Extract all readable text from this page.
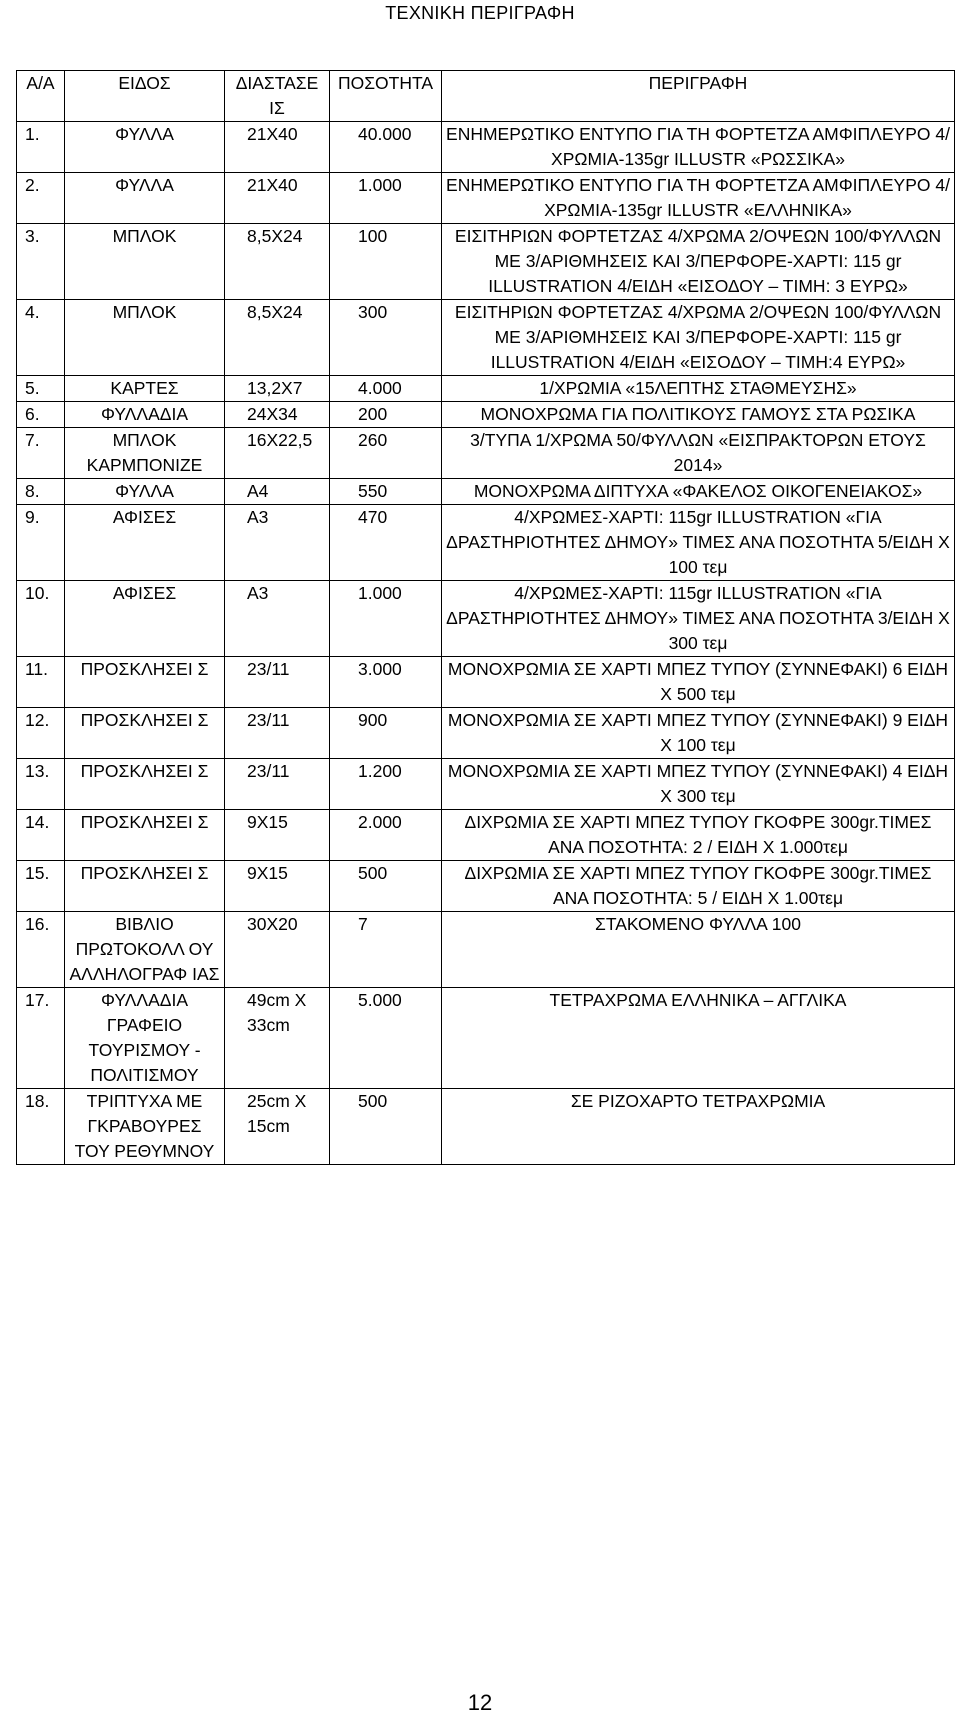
ΤΕΧΝΙΚΗ ΠΕΡΙΓΡΑΦΗ
Α/Α	ΕΙΔΟΣ	ΔΙΑΣΤΑΣΕ ΙΣ	ΠΟΣΟΤΗΤΑ	ΠΕΡΙΓΡΑΦΗ
1.	ΦΥΛΛΑ	21Χ40	40.000	ΕΝΗΜΕΡΩΤΙΚΟ ΕΝΤΥΠΟ ΓΙΑ ΤΗ ΦΟΡΤΕΤΖΑ ΑΜΦΙΠΛΕΥΡΟ 4/ΧΡΩΜΙΑ-135gr ILLUSTR «ΡΩΣΣΙΚΑ»
2.	ΦΥΛΛΑ	21Χ40	1.000	ΕΝΗΜΕΡΩΤΙΚΟ ΕΝΤΥΠΟ ΓΙΑ ΤΗ ΦΟΡΤΕΤΖΑ ΑΜΦΙΠΛΕΥΡΟ 4/ΧΡΩΜΙΑ-135gr ILLUSTR «ΕΛΛΗΝΙΚΑ»
3.	ΜΠΛΟΚ	8,5Χ24	100	ΕΙΣΙΤΗΡΙΩΝ ΦΟΡΤΕΤΖΑΣ 4/ΧΡΩΜΑ 2/ΟΨΕΩΝ 100/ΦΥΛΛΩΝ ΜΕ 3/ΑΡΙΘΜΗΣΕΙΣ ΚΑΙ 3/ΠΕΡΦΟΡΕ-ΧΑΡΤΙ: 115 gr ILLUSTRATION 4/ΕΙΔΗ «ΕΙΣΟΔΟΥ – ΤΙΜΗ: 3 ΕΥΡΩ»
4.	ΜΠΛΟΚ	8,5Χ24	300	ΕΙΣΙΤΗΡΙΩΝ ΦΟΡΤΕΤΖΑΣ 4/ΧΡΩΜΑ 2/ΟΨΕΩΝ 100/ΦΥΛΛΩΝ ΜΕ 3/ΑΡΙΘΜΗΣΕΙΣ ΚΑΙ 3/ΠΕΡΦΟΡΕ-ΧΑΡΤΙ: 115 gr ILLUSTRATION 4/ΕΙΔΗ «ΕΙΣΟΔΟΥ – ΤΙΜΗ:4 ΕΥΡΩ»
5.	ΚΑΡΤΕΣ	13,2Χ7	4.000	1/ΧΡΩΜΙΑ «15ΛΕΠΤΗΣ ΣΤΑΘΜΕΥΣΗΣ»
6.	ΦΥΛΛΑΔΙΑ	24Χ34	200	ΜΟΝΟΧΡΩΜΑ ΓΙΑ ΠΟΛΙΤΙΚΟΥΣ ΓΑΜΟΥΣ ΣΤΑ ΡΩΣΙΚΑ
7.	ΜΠΛΟΚ ΚΑΡΜΠΟΝΙΖΕ	16Χ22,5	260	3/ΤΥΠΑ 1/ΧΡΩΜΑ 50/ΦΥΛΛΩΝ «ΕΙΣΠΡΑΚΤΟΡΩΝ ΕΤΟΥΣ 2014»
8.	ΦΥΛΛΑ	Α4	550	ΜΟΝΟΧΡΩΜΑ ΔΙΠΤΥΧΑ «ΦΑΚΕΛΟΣ ΟΙΚΟΓΕΝΕΙΑΚΟΣ»
9.	ΑΦΙΣΕΣ	Α3	470	4/ΧΡΩΜΕΣ-ΧΑΡΤΙ: 115gr ILLUSTRATION «ΓΙΑ ΔΡΑΣΤΗΡΙΟΤΗΤΕΣ ΔΗΜΟΥ» ΤΙΜΕΣ ΑΝΑ ΠΟΣΟΤΗΤΑ 5/ΕΙΔΗ Χ 100 τεμ
10.	ΑΦΙΣΕΣ	Α3	1.000	4/ΧΡΩΜΕΣ-ΧΑΡΤΙ: 115gr ILLUSTRATION «ΓΙΑ ΔΡΑΣΤΗΡΙΟΤΗΤΕΣ ΔΗΜΟΥ» ΤΙΜΕΣ ΑΝΑ ΠΟΣΟΤΗΤΑ 3/ΕΙΔΗ Χ 300 τεμ
11.	ΠΡΟΣΚΛΗΣΕΙ Σ	23/11	3.000	ΜΟΝΟΧΡΩΜΙΑ ΣΕ ΧΑΡΤΙ ΜΠΕΖ ΤΥΠΟΥ (ΣΥΝΝΕΦΑΚΙ) 6 ΕΙΔΗ Χ 500 τεμ
12.	ΠΡΟΣΚΛΗΣΕΙ Σ	23/11	900	ΜΟΝΟΧΡΩΜΙΑ ΣΕ ΧΑΡΤΙ ΜΠΕΖ ΤΥΠΟΥ (ΣΥΝΝΕΦΑΚΙ) 9 ΕΙΔΗ Χ 100 τεμ
13.	ΠΡΟΣΚΛΗΣΕΙ Σ	23/11	1.200	ΜΟΝΟΧΡΩΜΙΑ ΣΕ ΧΑΡΤΙ ΜΠΕΖ ΤΥΠΟΥ (ΣΥΝΝΕΦΑΚΙ) 4 ΕΙΔΗ Χ 300 τεμ
14.	ΠΡΟΣΚΛΗΣΕΙ Σ	9Χ15	2.000	ΔΙΧΡΩΜΙΑ ΣΕ ΧΑΡΤΙ ΜΠΕΖ ΤΥΠΟΥ ΓΚΟΦΡΕ 300gr.ΤΙΜΕΣ ΑΝΑ ΠΟΣΟΤΗΤΑ: 2 / ΕΙΔΗ Χ 1.000τεμ
15.	ΠΡΟΣΚΛΗΣΕΙ Σ	9Χ15	500	ΔΙΧΡΩΜΙΑ ΣΕ ΧΑΡΤΙ ΜΠΕΖ ΤΥΠΟΥ ΓΚΟΦΡΕ 300gr.ΤΙΜΕΣ ΑΝΑ ΠΟΣΟΤΗΤΑ: 5 / ΕΙΔΗ Χ 1.00τεμ
16.	ΒΙΒΛΙΟ ΠΡΩΤΟΚΟΛΛ ΟΥ ΑΛΛΗΛΟΓΡΑΦ ΙΑΣ	30Χ20	7	ΣΤΑΚΟΜΕΝΟ ΦΥΛΛΑ 100
17.	ΦΥΛΛΑΔΙΑ ΓΡΑΦΕΙΟ ΤΟΥΡΙΣΜΟΥ - ΠΟΛΙΤΙΣΜΟΥ	49cm Χ 33cm	5.000	ΤΕΤΡΑΧΡΩΜΑ ΕΛΛΗΝΙΚΑ – ΑΓΓΛΙΚΑ
18.	ΤΡΙΠΤΥΧΑ ΜΕ ΓΚΡΑΒΟΥΡΕΣ ΤΟΥ ΡΕΘΥΜΝΟΥ	25cm Χ 15cm	500	ΣΕ ΡΙΖΟΧΑΡΤΟ ΤΕΤΡΑΧΡΩΜΙΑ
12
